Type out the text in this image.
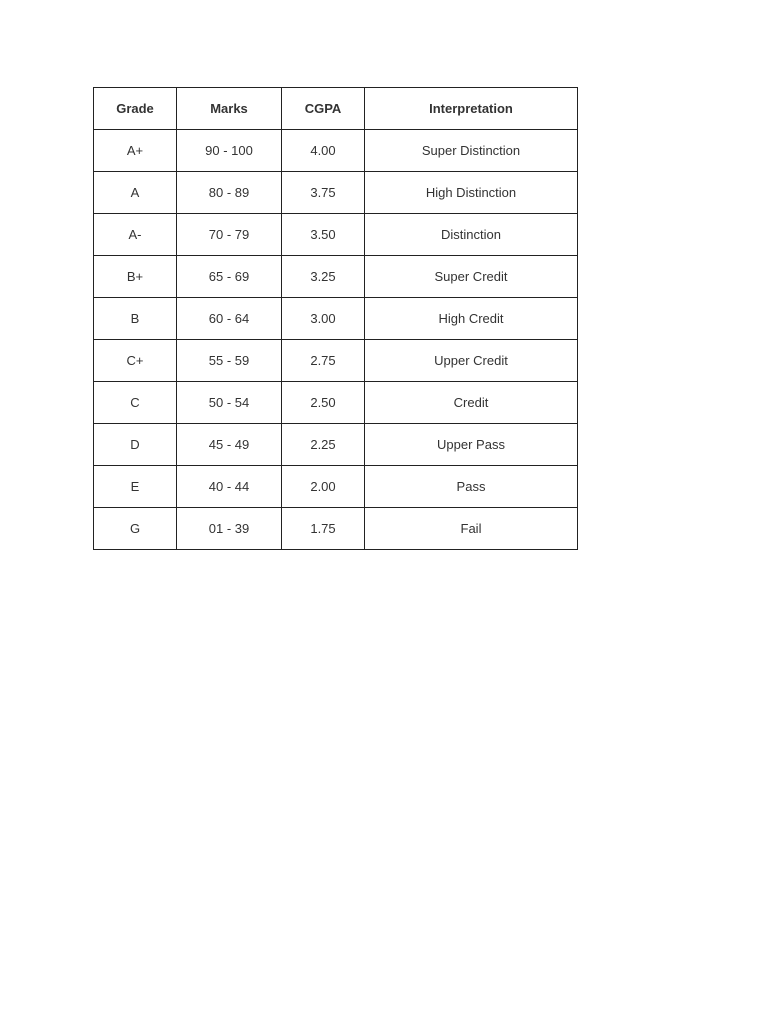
Grade	Marks	CGPA	Interpretation
A+	90 - 100	4.00	Super Distinction
A	80 - 89	3.75	High Distinction
A-	70 - 79	3.50	Distinction
B+	65 - 69	3.25	Super Credit
B	60 - 64	3.00	High Credit
C+	55 - 59	2.75	Upper Credit
C	50 - 54	2.50	Credit
D	45 - 49	2.25	Upper Pass
E	40 - 44	2.00	Pass
G	01 - 39	1.75	Fail
